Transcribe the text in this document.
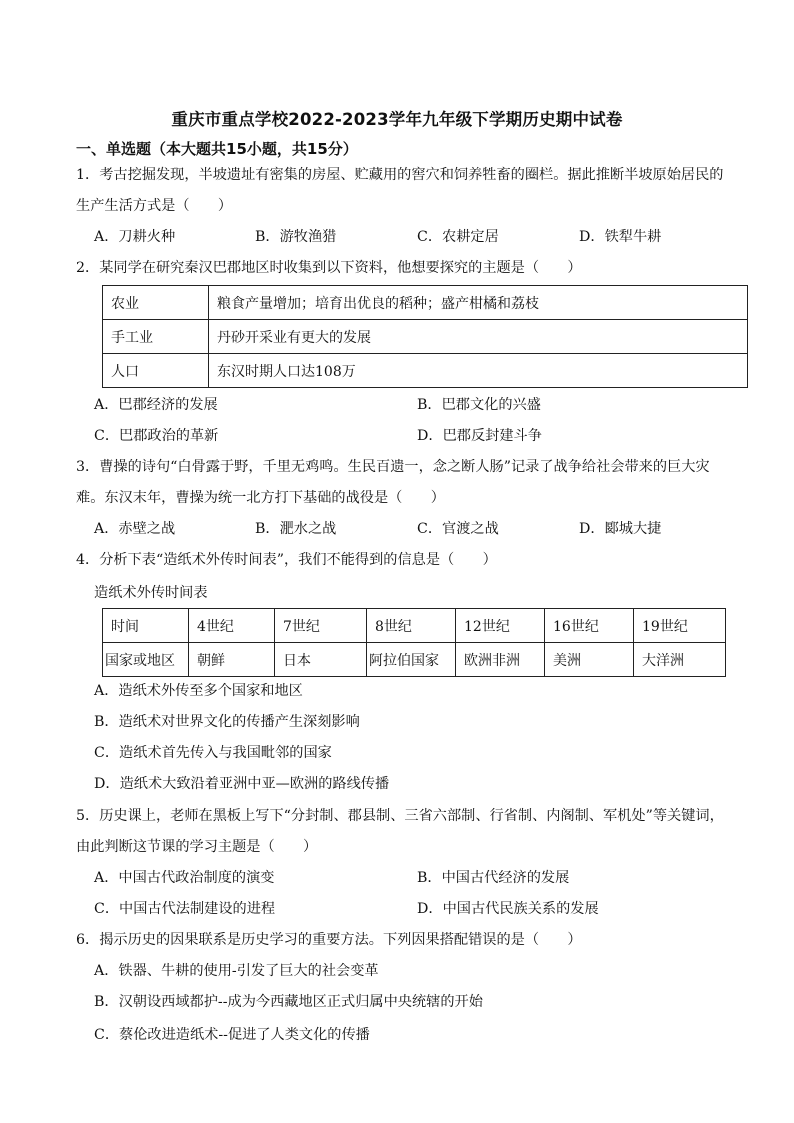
重庆市重点学校2022-2023学年九年级下学期历史期中试卷
一、单选题（本大题共15小题，共15分）
1．考古挖掘发现，半坡遗址有密集的房屋、贮藏用的窖穴和饲养牲畜的圈栏。据此推断半坡原始居民的
生产生活方式是（　　）
A．刀耕火种	B．游牧渔猎	C．农耕定居	D．铁犁牛耕
2．某同学在研究秦汉巴郡地区时收集到以下资料，他想要探究的主题是（　　）
农业	粮食产量增加；培育出优良的稻种；盛产柑橘和荔枝
手工业	丹砂开采业有更大的发展
人口	东汉时期人口达108万
A．巴郡经济的发展	B．巴郡文化的兴盛
C．巴郡政治的革新	D．巴郡反封建斗争
3．曹操的诗句“白骨露于野，千里无鸡鸣。生民百遗一，念之断人肠”记录了战争给社会带来的巨大灾
难。东汉末年，曹操为统一北方打下基础的战役是（　　）
A．赤壁之战	B．淝水之战	C．官渡之战	D．郾城大捷
4．分析下表“造纸术外传时间表”，我们不能得到的信息是（　　）
造纸术外传时间表
时间	4世纪	7世纪	8世纪	12世纪	16世纪	19世纪
国家或地区	朝鲜	日本	阿拉伯国家	欧洲非洲	美洲	大洋洲
A．造纸术外传至多个国家和地区
B．造纸术对世界文化的传播产生深刻影响
C．造纸术首先传入与我国毗邻的国家
D．造纸术大致沿着亚洲中亚—欧洲的路线传播
5．历史课上，老师在黑板上写下“分封制、郡县制、三省六部制、行省制、内阁制、军机处”等关键词，
由此判断这节课的学习主题是（　　）
A．中国古代政治制度的演变	B．中国古代经济的发展
C．中国古代法制建设的进程	D．中国古代民族关系的发展
6．揭示历史的因果联系是历史学习的重要方法。下列因果搭配错误的是（　　）
A．铁器、牛耕的使用-引发了巨大的社会变革
B．汉朝设西域都护--成为今西藏地区正式归属中央统辖的开始
C．蔡伦改进造纸术--促进了人类文化的传播
